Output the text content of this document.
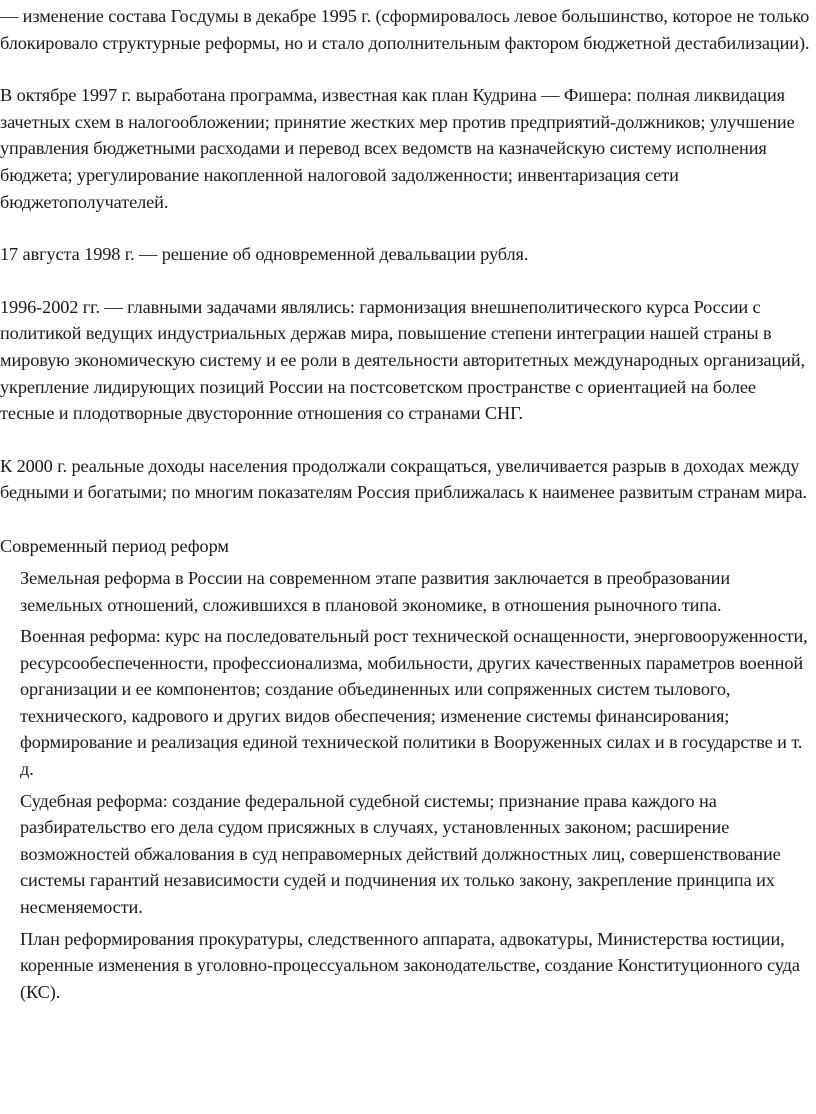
— изменение состава Госдумы в декабре 1995 г. (сформировалось левое большинство, которое не только блокировало структурные реформы, но и стало дополнительным фактором бюджетной дестабилизации).

В октябре 1997 г. выработана программа, известная как план Кудрина — Фишера: полная ликвидация зачетных схем в налогообложении; принятие жестких мер против предприятий-должников; улучшение управления бюджетными расходами и перевод всех ведомств на казначейскую систему исполнения бюджета; урегулирование накопленной налоговой задолженности; инвентаризация сети бюджетополучателей.

17 августа 1998 г. — решение об одновременной девальвации рубля.

1996-2002 гг. — главными задачами являлись: гармонизация внешнеполитического курса России с политикой ведущих индустриальных держав мира, повышение степени интеграции нашей страны в мировую экономическую систему и ее роли в деятельности авторитетных международных организаций, укрепление лидирующих позиций России на постсоветском пространстве с ориентацией на более тесные и плодотворные двусторонние отношения со странами СНГ.

К 2000 г. реальные доходы населения продолжали сокращаться, увеличивается разрыв в доходах между бедными и богатыми; по многим показателям Россия приближалась к наименее развитым странам мира.

Современный период реформ

Земельная реформа в России на современном этапе развития заключается в преобразовании земельных отношений, сложившихся в плановой экономике, в отношения рыночного типа.

Военная реформа: курс на последовательный рост технической оснащенности, энерговооруженности, ресурсообеспеченности, профессионализма, мобильности, других качественных параметров военной организации и ее компонентов; создание объединенных или сопряженных систем тылового, технического, кадрового и других видов обеспечения; изменение системы финансирования; формирование и реализация единой технической политики в Вооруженных силах и в государстве и т. д.

Судебная реформа: создание федеральной судебной системы; признание права каждого на разбирательство его дела судом присяжных в случаях, установленных законом; расширение возможностей обжалования в суд неправомерных действий должностных лиц, совершенствование системы гарантий независимости судей и подчинения их только закону, закрепление принципа их несменяемости.

План реформирования прокуратуры, следственного аппарата, адвокатуры, Министерства юстиции, коренные изменения в уголовно-процессуальном законодательстве, создание Конституционного суда (КС).
